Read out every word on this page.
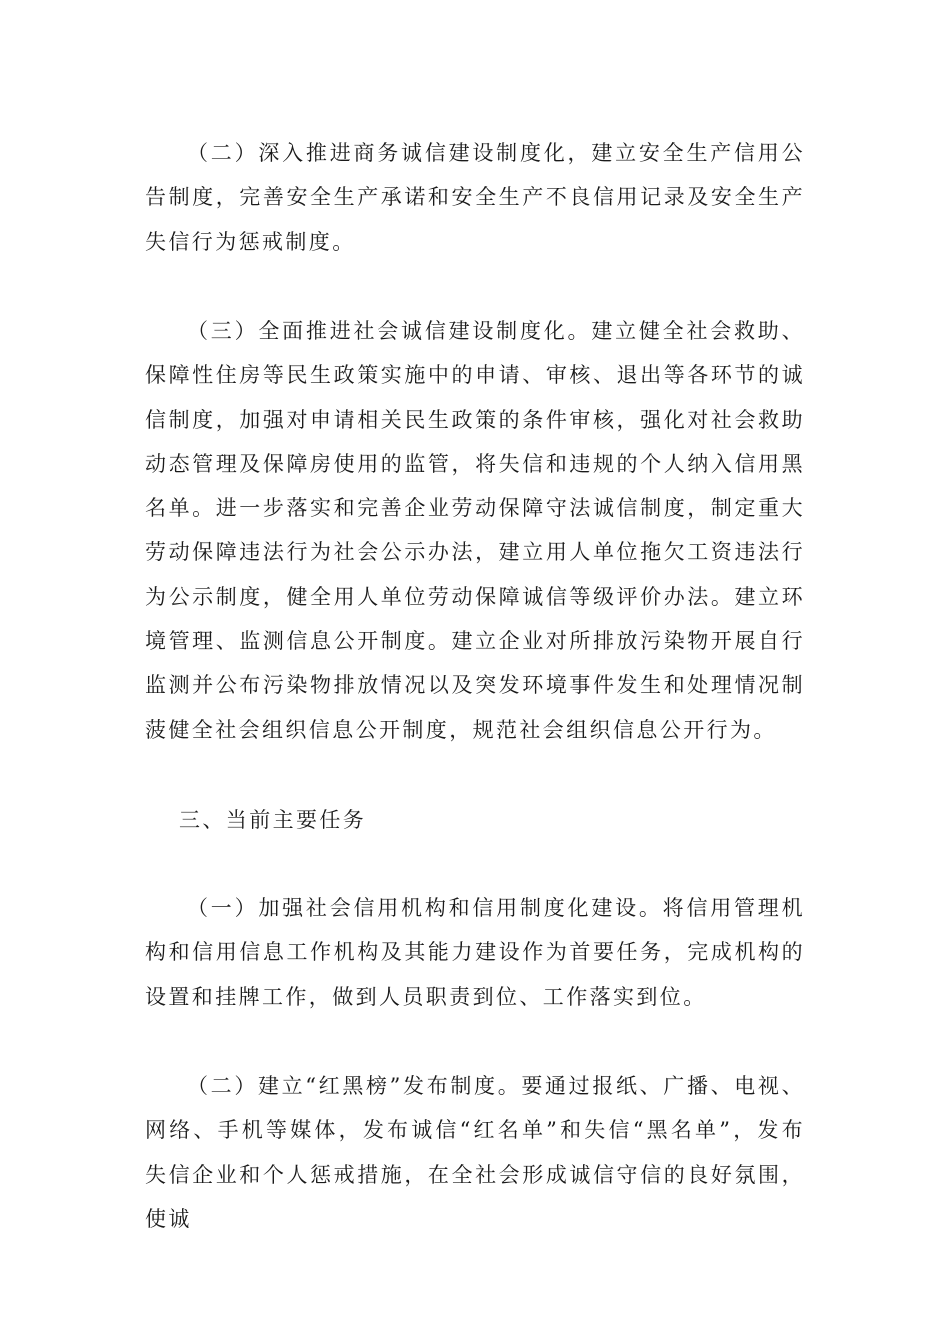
（二）深入推进商务诚信建设制度化，建立安全生产信用公告制度，完善安全生产承诺和安全生产不良信用记录及安全生产失信行为惩戒制度。

（三）全面推进社会诚信建设制度化。建立健全社会救助、保障性住房等民生政策实施中的申请、审核、退出等各环节的诚信制度，加强对申请相关民生政策的条件审核，强化对社会救助动态管理及保障房使用的监管，将失信和违规的个人纳入信用黑名单。进一步落实和完善企业劳动保障守法诚信制度，制定重大劳动保障违法行为社会公示办法，建立用人单位拖欠工资违法行为公示制度，健全用人单位劳动保障诚信等级评价办法。建立环境管理、监测信息公开制度。建立企业对所排放污染物开展自行监测并公布污染物排放情况以及突发环境事件发生和处理情况制菠健全社会组织信息公开制度，规范社会组织信息公开行为。

三、当前主要任务

（一）加强社会信用机构和信用制度化建设。将信用管理机构和信用信息工作机构及其能力建设作为首要任务，完成机构的设置和挂牌工作，做到人员职责到位、工作落实到位。

（二）建立“红黑榜”发布制度。要通过报纸、广播、电视、网络、手机等媒体，发布诚信“红名单”和失信“黑名单”，发布失信企业和个人惩戒措施，在全社会形成诚信守信的良好氛围，使诚
